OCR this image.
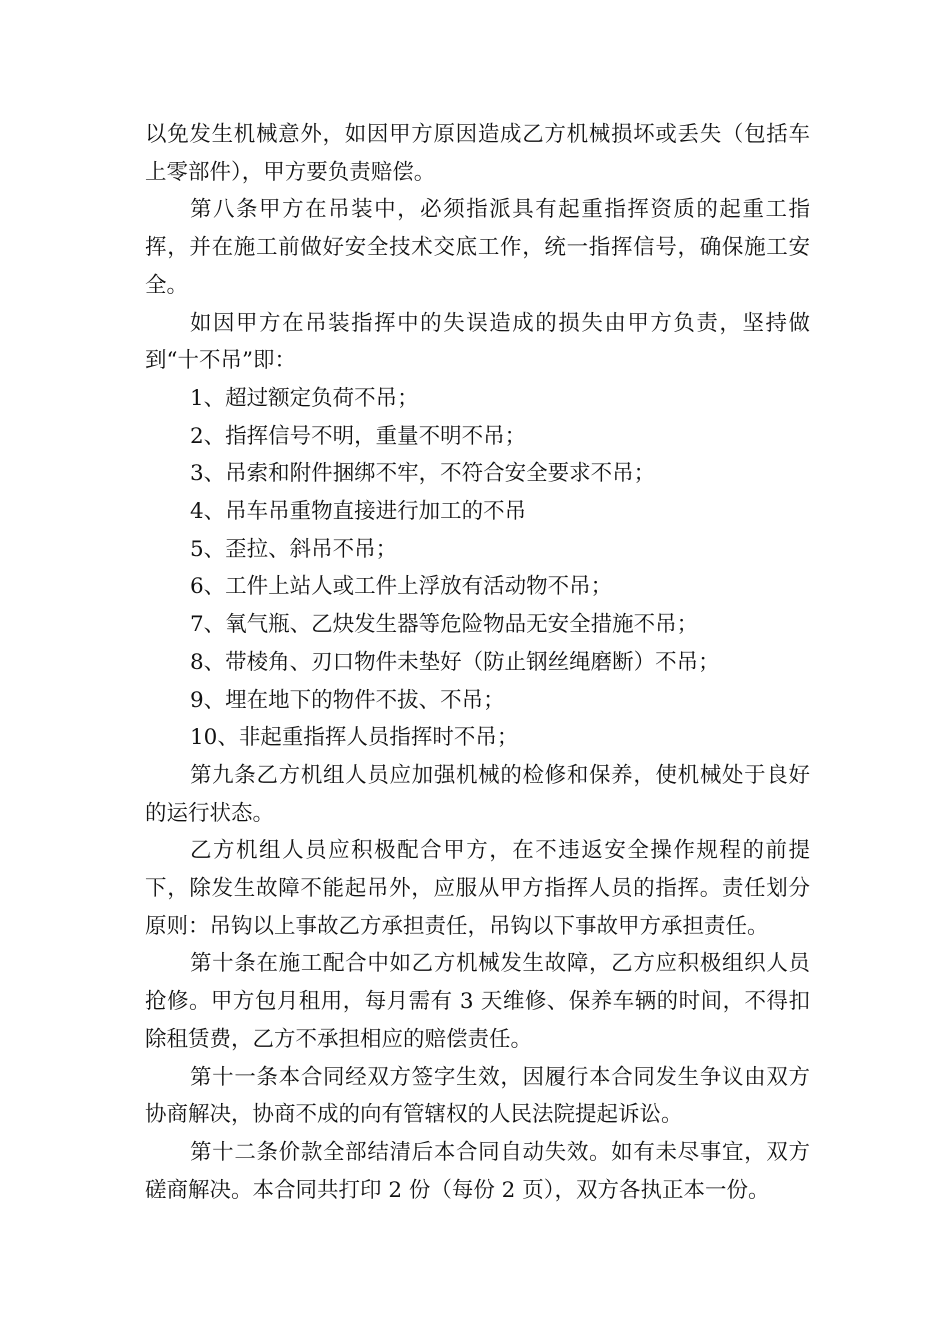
以免发生机械意外，如因甲方原因造成乙方机械损坏或丢失（包括车上零部件），甲方要负责赔偿。

第八条甲方在吊装中，必须指派具有起重指挥资质的起重工指挥，并在施工前做好安全技术交底工作，统一指挥信号，确保施工安全。

如因甲方在吊装指挥中的失误造成的损失由甲方负责，坚持做到“十不吊”即：

1、超过额定负荷不吊；

2、指挥信号不明，重量不明不吊；

3、吊索和附件捆绑不牢，不符合安全要求不吊；

4、吊车吊重物直接进行加工的不吊

5、歪拉、斜吊不吊；

6、工件上站人或工件上浮放有活动物不吊；

7、氧气瓶、乙炔发生器等危险物品无安全措施不吊；

8、带棱角、刃口物件未垫好（防止钢丝绳磨断）不吊；

9、埋在地下的物件不拔、不吊；

10、非起重指挥人员指挥时不吊；

第九条乙方机组人员应加强机械的检修和保养，使机械处于良好的运行状态。

乙方机组人员应积极配合甲方，在不违返安全操作规程的前提下，除发生故障不能起吊外，应服从甲方指挥人员的指挥。责任划分原则：吊钩以上事故乙方承担责任，吊钩以下事故甲方承担责任。

第十条在施工配合中如乙方机械发生故障，乙方应积极组织人员抢修。甲方包月租用，每月需有 3 天维修、保养车辆的时间，不得扣除租赁费，乙方不承担相应的赔偿责任。

第十一条本合同经双方签字生效，因履行本合同发生争议由双方协商解决，协商不成的向有管辖权的人民法院提起诉讼。

第十二条价款全部结清后本合同自动失效。如有未尽事宜，双方磋商解决。本合同共打印 2 份（每份 2 页），双方各执正本一份。
